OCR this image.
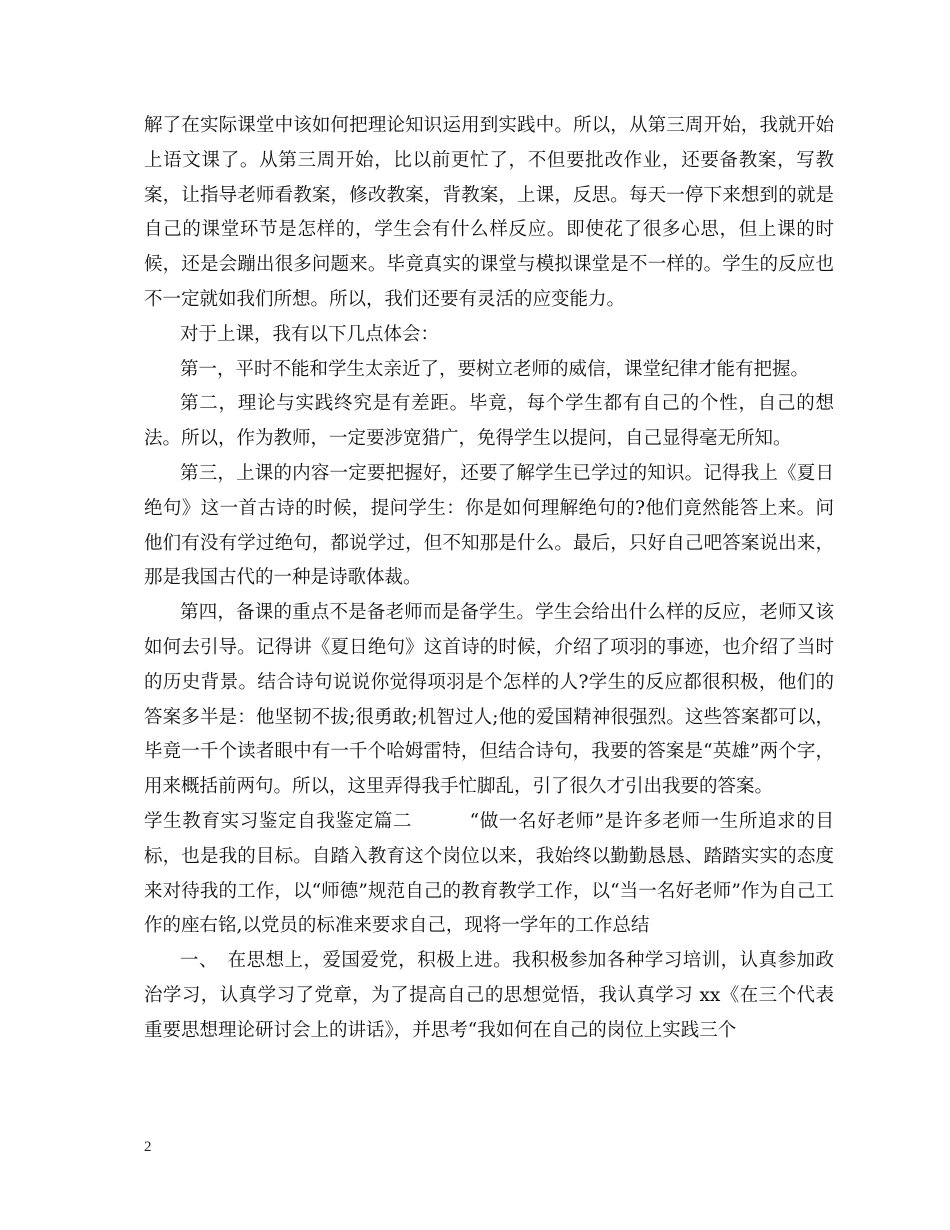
解了在实际课堂中该如何把理论知识运用到实践中。所以，从第三周开始，我就开始上语文课了。从第三周开始，比以前更忙了，不但要批改作业，还要备教案，写教案，让指导老师看教案，修改教案，背教案，上课，反思。每天一停下来想到的就是自己的课堂环节是怎样的，学生会有什么样反应。即使花了很多心思，但上课的时候，还是会蹦出很多问题来。毕竟真实的课堂与模拟课堂是不一样的。学生的反应也不一定就如我们所想。所以，我们还要有灵活的应变能力。

对于上课，我有以下几点体会：

第一，平时不能和学生太亲近了，要树立老师的威信，课堂纪律才能有把握。

第二，理论与实践终究是有差距。毕竟，每个学生都有自己的个性，自己的想法。所以，作为教师，一定要涉宽猎广，免得学生以提问，自己显得毫无所知。

第三，上课的内容一定要把握好，还要了解学生已学过的知识。记得我上《夏日绝句》这一首古诗的时候，提问学生：你是如何理解绝句的?他们竟然能答上来。问他们有没有学过绝句，都说学过，但不知那是什么。最后，只好自己吧答案说出来，那是我国古代的一种是诗歌体裁。

第四，备课的重点不是备老师而是备学生。学生会给出什么样的反应，老师又该如何去引导。记得讲《夏日绝句》这首诗的时候，介绍了项羽的事迹，也介绍了当时的历史背景。结合诗句说说你觉得项羽是个怎样的人?学生的反应都很积极，他们的答案多半是：他坚韧不拔;很勇敢;机智过人;他的爱国精神很强烈。这些答案都可以，毕竟一千个读者眼中有一千个哈姆雷特，但结合诗句，我要的答案是“英雄”两个字，用来概括前两句。所以，这里弄得我手忙脚乱，引了很久才引出我要的答案。

学生教育实习鉴定自我鉴定篇二　　　“做一名好老师”是许多老师一生所追求的目标，也是我的目标。自踏入教育这个岗位以来，我始终以勤勤恳恳、踏踏实实的态度来对待我的工作，以“师德”规范自己的教育教学工作，以“当一名好老师”作为自己工作的座右铭,以党员的标准来要求自己，现将一学年的工作总结

一、　在思想上，爱国爱党，积极上进。我积极参加各种学习培训，认真参加政治学习，认真学习了党章，为了提高自己的思想觉悟，我认真学习 xx《在三个代表重要思想理论研讨会上的讲话》，并思考“我如何在自己的岗位上实践三个

2
